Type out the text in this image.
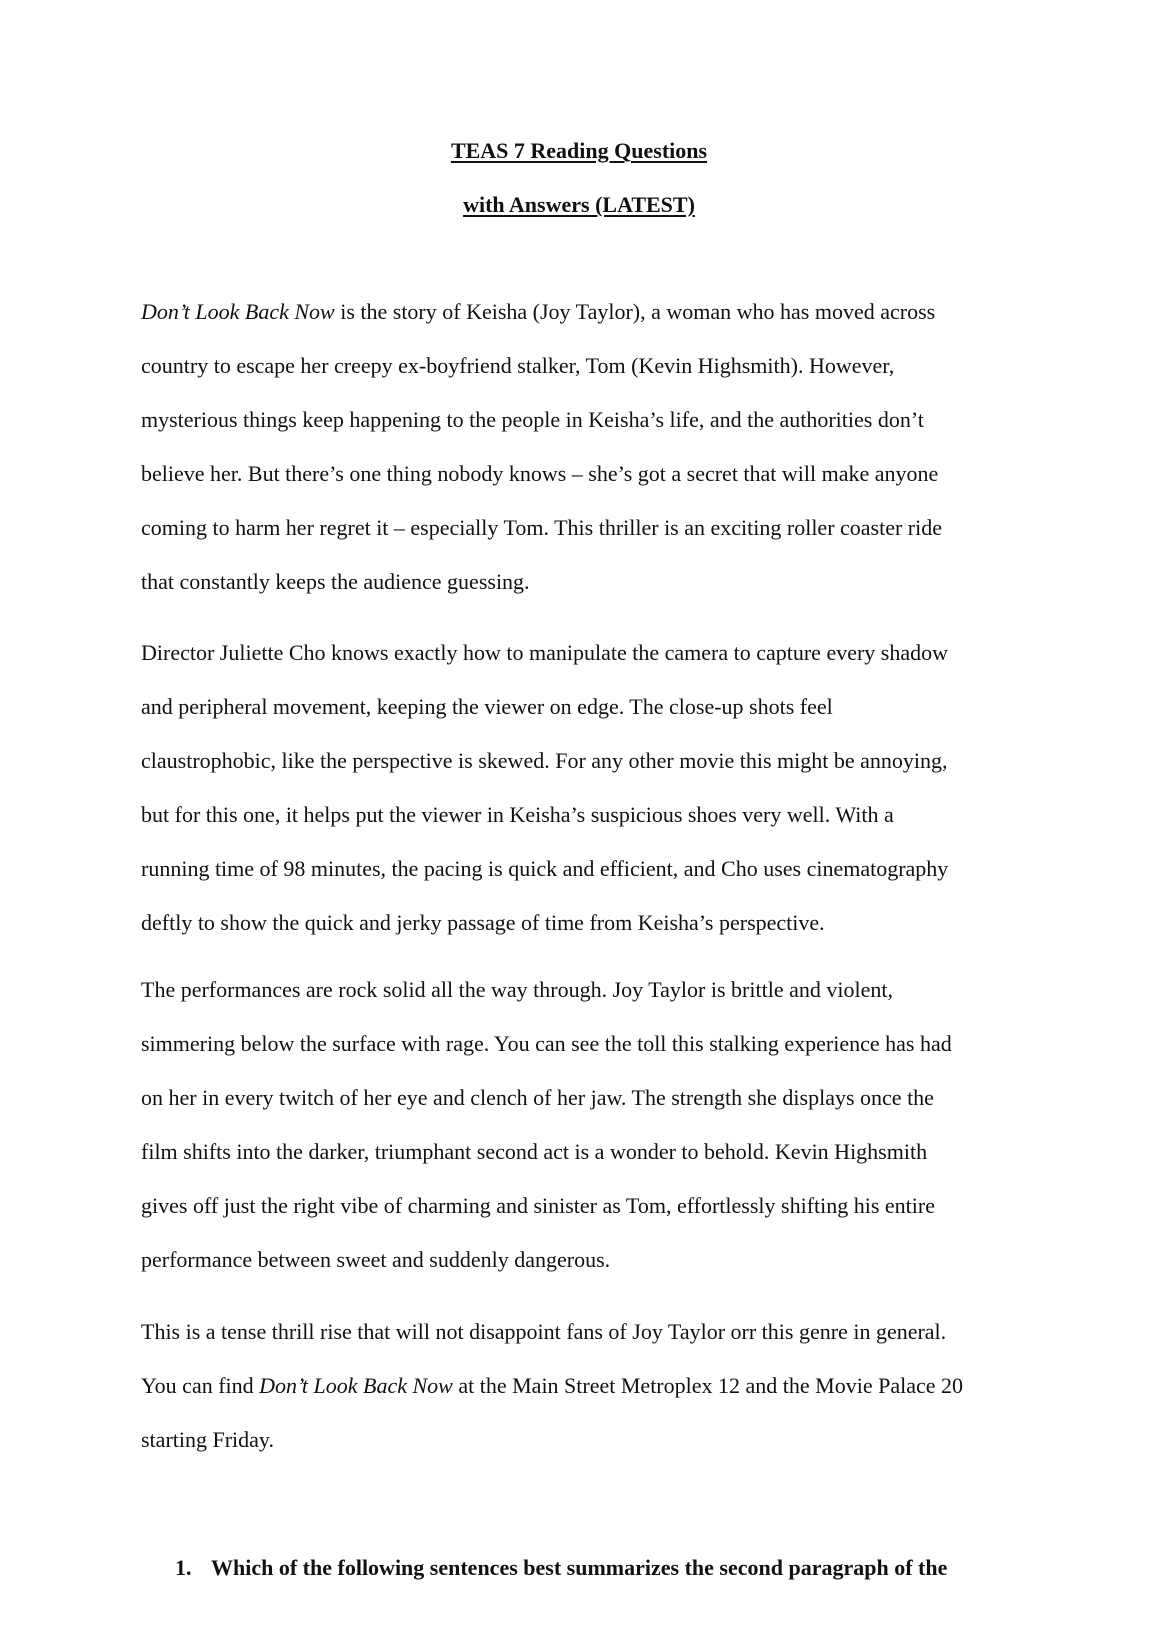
TEAS 7 Reading Questions
with Answers (LATEST)

Don’t Look Back Now is the story of Keisha (Joy Taylor), a woman who has moved across
country to escape her creepy ex-boyfriend stalker, Tom (Kevin Highsmith). However,
mysterious things keep happening to the people in Keisha’s life, and the authorities don’t
believe her. But there’s one thing nobody knows – she’s got a secret that will make anyone
coming to harm her regret it – especially Tom. This thriller is an exciting roller coaster ride
that constantly keeps the audience guessing.

Director Juliette Cho knows exactly how to manipulate the camera to capture every shadow
and peripheral movement, keeping the viewer on edge. The close-up shots feel
claustrophobic, like the perspective is skewed. For any other movie this might be annoying,
but for this one, it helps put the viewer in Keisha’s suspicious shoes very well. With a
running time of 98 minutes, the pacing is quick and efficient, and Cho uses cinematography
deftly to show the quick and jerky passage of time from Keisha’s perspective.

The performances are rock solid all the way through. Joy Taylor is brittle and violent,
simmering below the surface with rage. You can see the toll this stalking experience has had
on her in every twitch of her eye and clench of her jaw. The strength she displays once the
film shifts into the darker, triumphant second act is a wonder to behold. Kevin Highsmith
gives off just the right vibe of charming and sinister as Tom, effortlessly shifting his entire
performance between sweet and suddenly dangerous.

This is a tense thrill rise that will not disappoint fans of Joy Taylor orr this genre in general.
You can find Don’t Look Back Now at the Main Street Metroplex 12 and the Movie Palace 20
starting Friday.

1. Which of the following sentences best summarizes the second paragraph of the
